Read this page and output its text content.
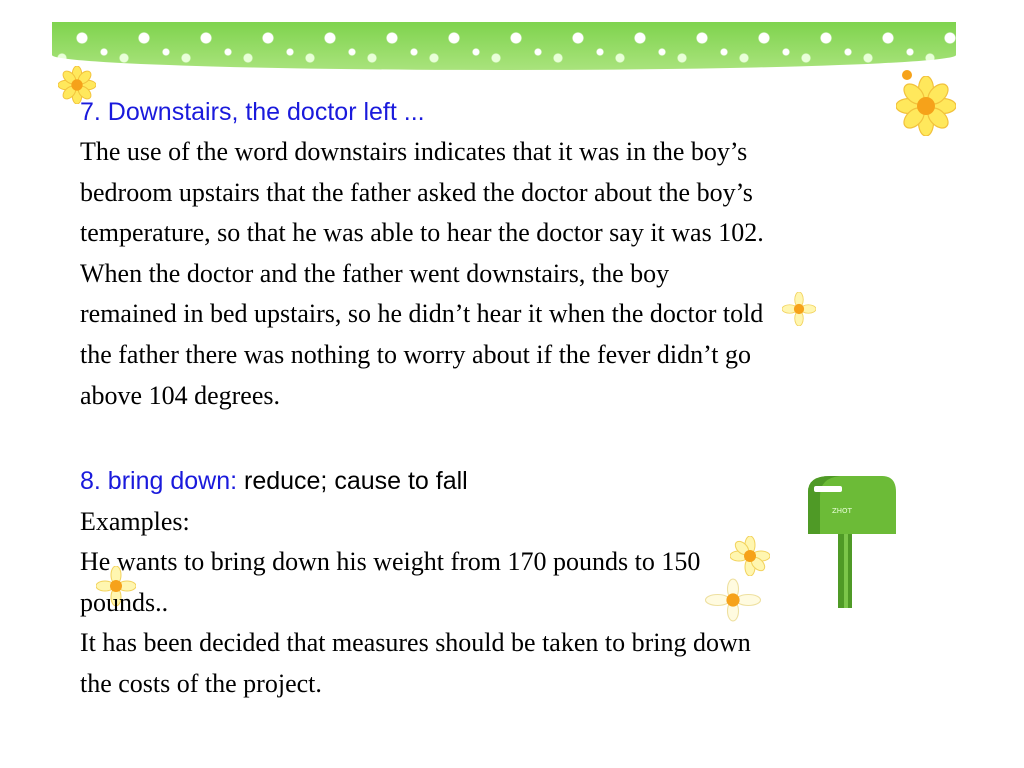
ZHOT
7. Downstairs, the doctor left ...
The use of the word downstairs indicates that it was in the boy’s
bedroom upstairs that the father asked the doctor about the boy’s
temperature, so that he was able to hear the doctor say it was 102.
When the doctor and the father went downstairs, the boy
remained in bed upstairs, so he didn’t hear it when the doctor told
the father there was nothing to worry about if the fever didn’t go
above 104 degrees.
8. bring down: reduce; cause to fall
Examples:
He wants to bring down his weight from 170 pounds to 150
pounds..
It has been decided that measures should be taken to bring down
the costs of the project.
